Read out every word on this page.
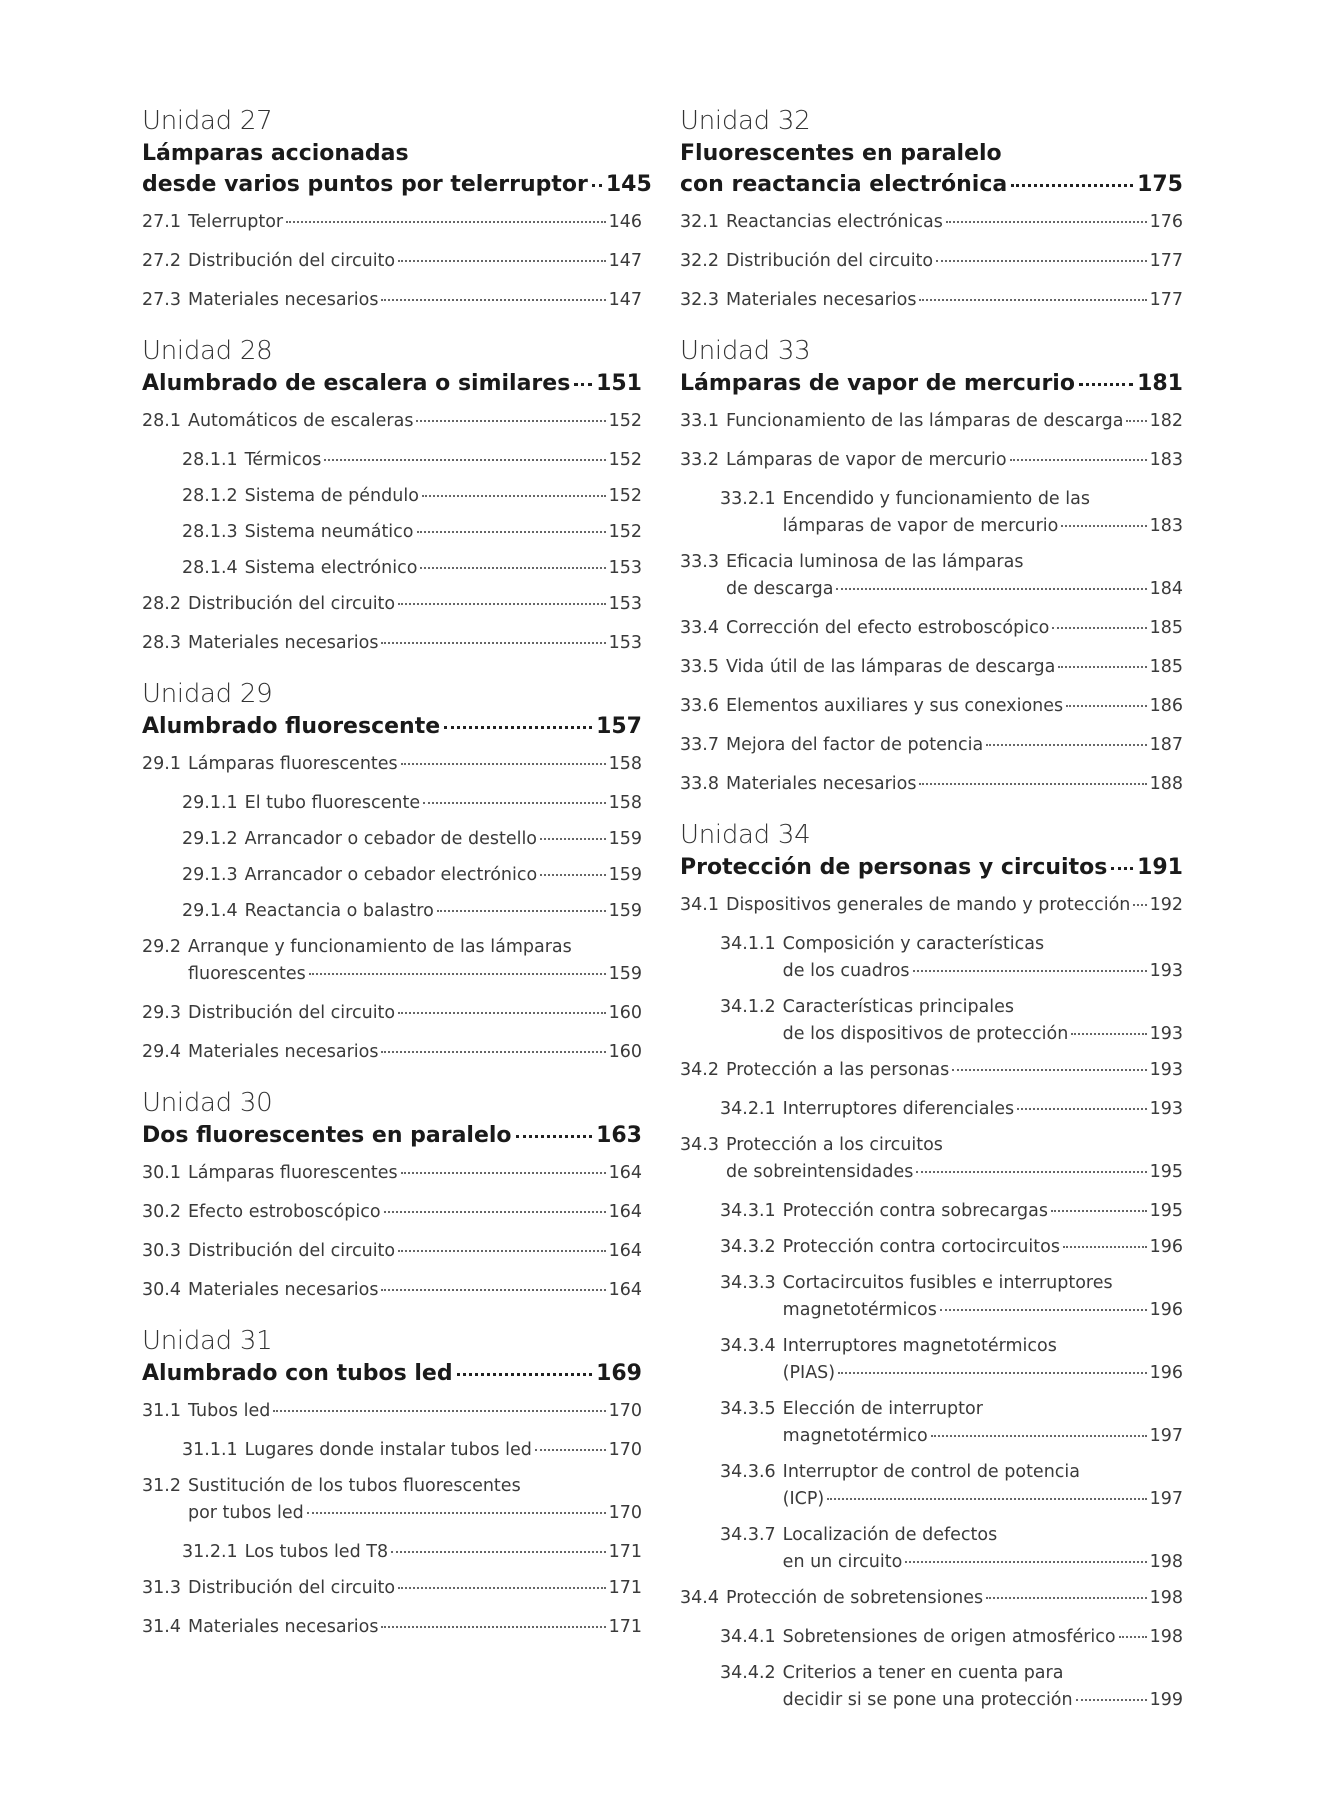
Unidad 27
Lámparas accionadas
desde varios puntos por telerruptor 145
27.1 Telerruptor	146
27.2 Distribución del circuito	147
27.3 Materiales necesarios	147
Unidad 28
Alumbrado de escalera o similares 151
28.1 Automáticos de escaleras	152
28.1.1 Térmicos	152
28.1.2 Sistema de péndulo	152
28.1.3 Sistema neumático	152
28.1.4 Sistema electrónico	153
28.2 Distribución del circuito	153
28.3 Materiales necesarios	153
Unidad 29
Alumbrado fluorescente	157
29.1 Lámparas fluorescentes	158
29.1.1 El tubo fluorescente	158
29.1.2 Arrancador o cebador de destello	159
29.1.3 Arrancador o cebador electrónico	159
29.1.4 Reactancia o balastro	159
29.2 Arranque y funcionamiento de las lámparas
fluorescentes	159
29.3 Distribución del circuito	160
29.4 Materiales necesarios	160
Unidad 30
Dos fluorescentes en paralelo	163
30.1 Lámparas fluorescentes	164
30.2 Efecto estroboscópico	164
30.3 Distribución del circuito	164
30.4 Materiales necesarios	164
Unidad 31
Alumbrado con tubos led	169
31.1 Tubos led	170
31.1.1 Lugares donde instalar tubos led	170
31.2 Sustitución de los tubos fluorescentes
por tubos led	170
31.2.1 Los tubos led T8	171
31.3 Distribución del circuito	171
31.4 Materiales necesarios	171
Unidad 32
Fluorescentes en paralelo
con reactancia electrónica	175
32.1 Reactancias electrónicas	176
32.2 Distribución del circuito	177
32.3 Materiales necesarios	177
Unidad 33
Lámparas de vapor de mercurio	181
33.1 Funcionamiento de las lámparas de descarga 182
33.2 Lámparas de vapor de mercurio	183
33.2.1 Encendido y funcionamiento de las
lámparas de vapor de mercurio	183
33.3 Eficacia luminosa de las lámparas
de descarga	184
33.4 Corrección del efecto estroboscópico	185
33.5 Vida útil de las lámparas de descarga	185
33.6 Elementos auxiliares y sus conexiones	186
33.7 Mejora del factor de potencia	187
33.8 Materiales necesarios	188
Unidad 34
Protección de personas y circuitos 191
34.1 Dispositivos generales de mando y protección 192
34.1.1 Composición y características
de los cuadros	193
34.1.2 Características principales
de los dispositivos de protección	193
34.2 Protección a las personas	193
34.2.1 Interruptores diferenciales	193
34.3 Protección a los circuitos
de sobreintensidades	195
34.3.1 Protección contra sobrecargas	195
34.3.2 Protección contra cortocircuitos	196
34.3.3 Cortacircuitos fusibles e interruptores
magnetotérmicos	196
34.3.4 Interruptores magnetotérmicos
(PIAS)	196
34.3.5 Elección de interruptor
magnetotérmico	197
34.3.6 Interruptor de control de potencia
(ICP)	197
34.3.7 Localización de defectos
en un circuito	198
34.4 Protección de sobretensiones	198
34.4.1 Sobretensiones de origen atmosférico 198
34.4.2 Criterios a tener en cuenta para
decidir si se pone una protección	199
